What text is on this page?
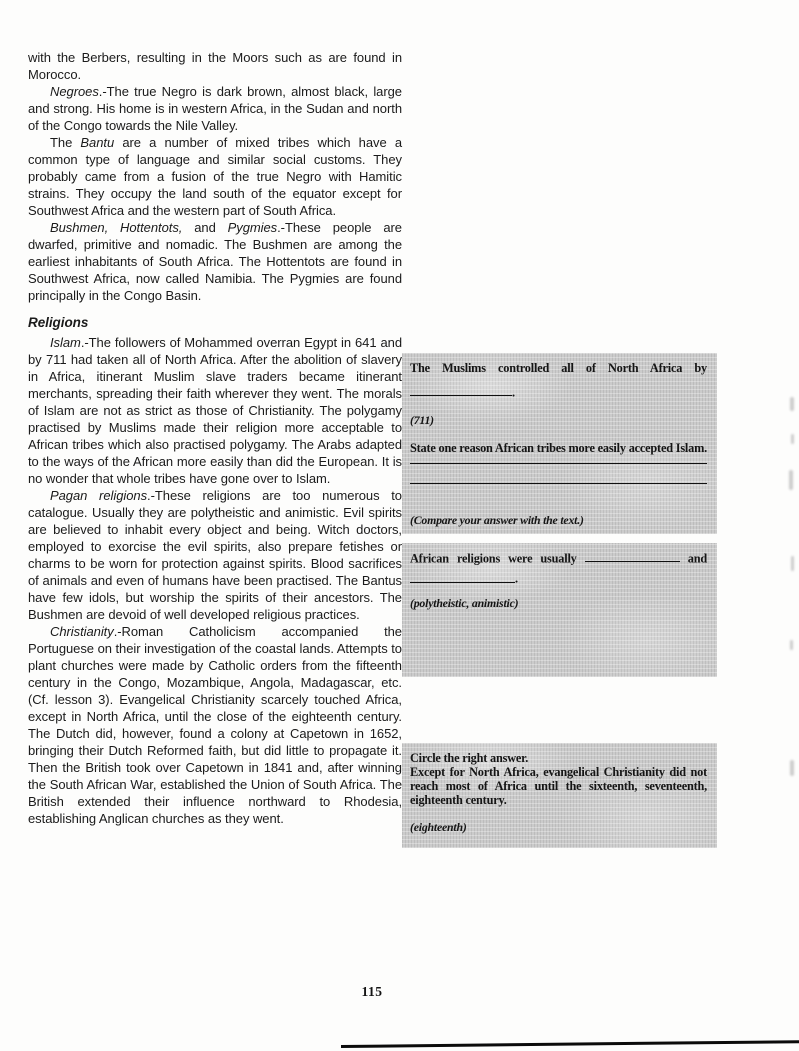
with the Berbers, resulting in the Moors such as are found in Morocco.

Negroes.-The true Negro is dark brown, almost black, large and strong. His home is in western Africa, in the Sudan and north of the Congo towards the Nile Valley.

The Bantu are a number of mixed tribes which have a common type of language and similar social customs. They probably came from a fusion of the true Negro with Hamitic strains. They occupy the land south of the equator except for Southwest Africa and the western part of South Africa.

Bushmen, Hottentots, and Pygmies.-These people are dwarfed, primitive and nomadic. The Bushmen are among the earliest inhabitants of South Africa. The Hottentots are found in Southwest Africa, now called Namibia. The Pygmies are found principally in the Congo Basin.

Religions

Islam.-The followers of Mohammed overran Egypt in 641 and by 711 had taken all of North Africa. After the abolition of slavery in Africa, itinerant Muslim slave traders became itinerant merchants, spreading their faith wherever they went. The morals of Islam are not as strict as those of Christianity. The polygamy practised by Muslims made their religion more acceptable to African tribes which also practised polygamy. The Arabs adapted to the ways of the African more easily than did the European. It is no wonder that whole tribes have gone over to Islam.

Pagan religions.-These religions are too numerous to catalogue. Usually they are polytheistic and animistic. Evil spirits are believed to inhabit every object and being. Witch doctors, employed to exorcise the evil spirits, also prepare fetishes or charms to be worn for protection against spirits. Blood sacrifices of animals and even of humans have been practised. The Bantus have few idols, but worship the spirits of their ancestors. The Bushmen are devoid of well developed religious practices.

Christianity.-Roman Catholicism accompanied the Portuguese on their investigation of the coastal lands. Attempts to plant churches were made by Catholic orders from the fifteenth century in the Congo, Mozambique, Angola, Madagascar, etc. (Cf. lesson 3). Evangelical Christianity scarcely touched Africa, except in North Africa, until the close of the eighteenth century. The Dutch did, however, found a colony at Capetown in 1652, bringing their Dutch Reformed faith, but did little to propagate it. Then the British took over Capetown in 1841 and, after winning the South African War, established the Union of South Africa. The British extended their influence northward to Rhodesia, establishing Anglican churches as they went.

The Muslims controlled all of North Africa by
.
(711)
State one reason African tribes more easily accepted Islam.
(Compare your answer with the text.)
African religions were usually	and
.
(polytheistic, animistic)
Circle the right answer.
Except for North Africa, evangelical Christianity did not reach most of Africa until the sixteenth, seventeenth, eighteenth century.
(eighteenth)
115
